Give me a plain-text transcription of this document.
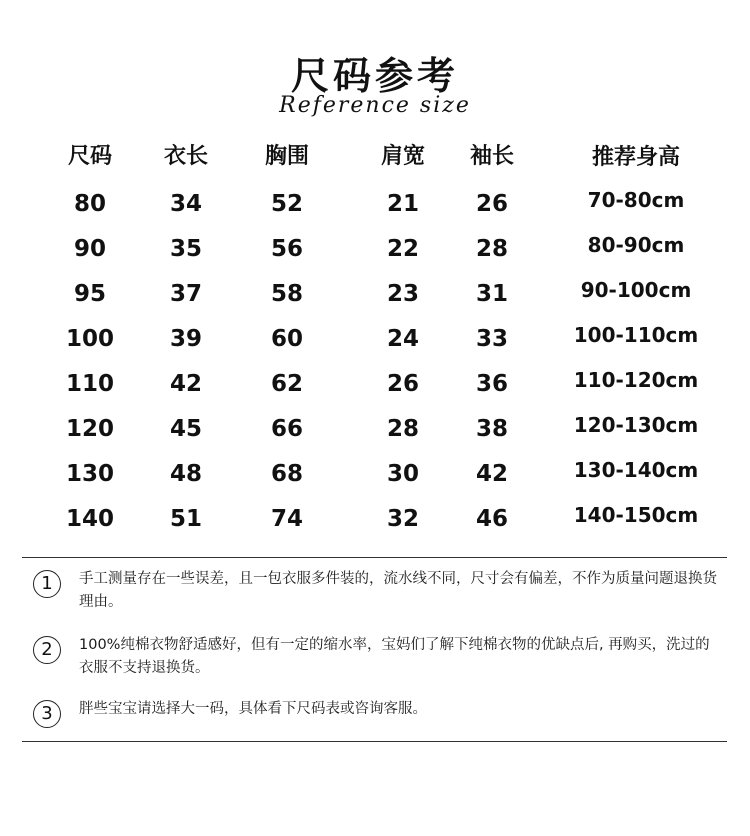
尺码参考
Reference size
尺码	衣长	胸围	肩宽	袖长	推荐身高
80	34	52	21	26	70-80cm
90	35	56	22	28	80-90cm
95	37	58	23	31	90-100cm
100	39	60	24	33	100-110cm
110	42	62	26	36	110-120cm
120	45	66	28	38	120-130cm
130	48	68	30	42	130-140cm
140	51	74	32	46	140-150cm
1	手工测量存在一些误差，且一包衣服多件装的，流水线不同，尺寸会有偏差，不作为质量问题退换货理由。
2	100%纯棉衣物舒适感好，但有一定的缩水率，宝妈们了解下纯棉衣物的优缺点后, 再购买，洗过的衣服不支持退换货。
3	胖些宝宝请选择大一码，具体看下尺码表或咨询客服。
